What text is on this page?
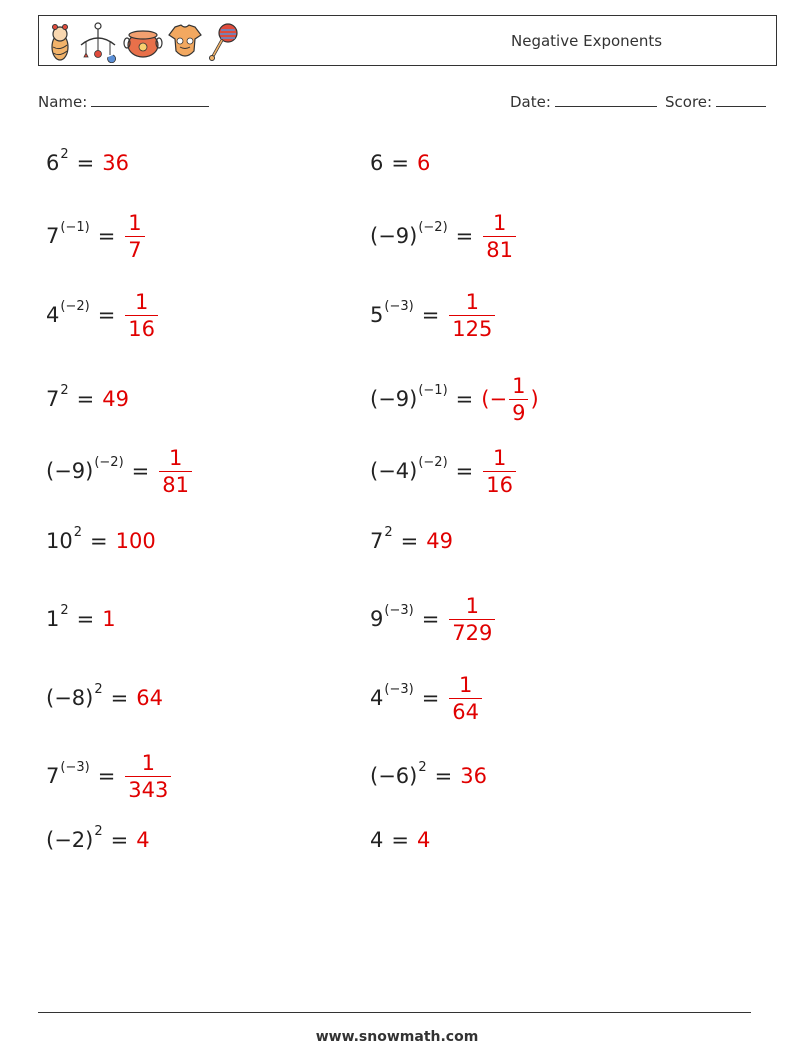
Negative Exponents
Name:	Date:	Score:
$6^2 = 36$	6 = 6
$7^{(-1)} = \frac{1}{7}$	$(-9)^{(-2)} = \frac{1}{81}$
$4^{(-2)} = \frac{1}{16}$	$5^{(-3)} = \frac{1}{125}$
$7^2 = 49$	$(-9)^{(-1)}$ = (− $\frac{1}{9}$ )
$(-9)^{(-2)} = \frac{1}{81}$	$(-4)^{(-2)} = \frac{1}{16}$
$10^2 = 100$	$7^2 = 49$
$1^2 = 1$	$9^{(-3)} = \frac{1}{729}$
$(-8)^2 = 64$	$4^{(-3)} = \frac{1}{64}$
$7^{(-3)} = \frac{1}{343}$	$(-6)^2 = 36$
$(-2)^2 = 4$	4 = 4
www.snowmath.com
